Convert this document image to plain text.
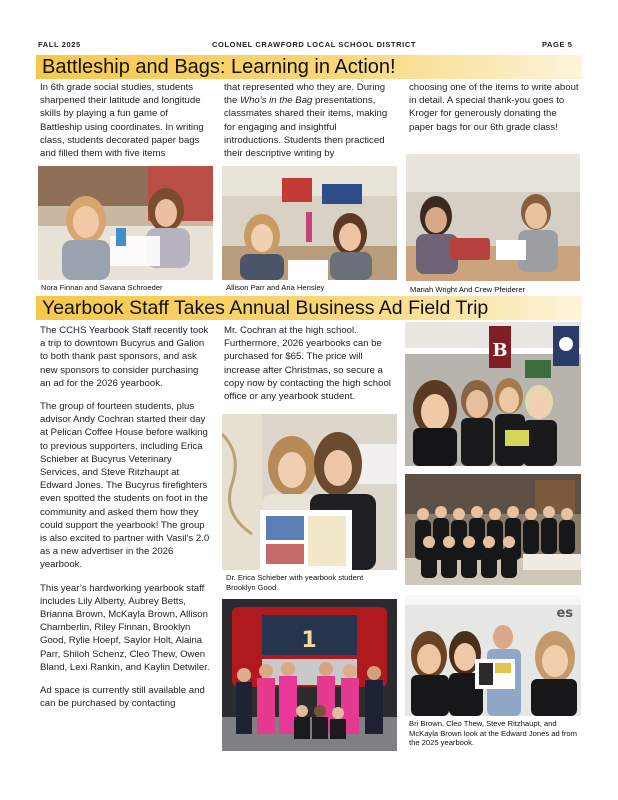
FALL 2025	COLONEL CRAWFORD LOCAL SCHOOL DISTRICT	PAGE 5
Battleship and Bags: Learning in Action!

In 6th grade social studies, students sharpened their latitude and longitude skills by playing a fun game of Battleship using coordinates. In writing class, students decorated paper bags and filled them with five items

that represented who they are. During the Who’s in the Bag presentations, classmates shared their items, making for engaging and insightful introductions. Students then practiced their descriptive writing by

choosing one of the items to write about in detail. A special thank-you goes to Kroger for generously donating the paper bags for our 6th grade class!

Nora Finnan and Savana Schroeder	Allison Parr and Aria Hensley	Mariah Wright And Crew Pfeiderer
Yearbook Staff Takes Annual Business Ad Field Trip

The CCHS Yearbook Staff recently took a trip to downtown Bucyrus and Galion to both thank past sponsors, and ask new sponsors to consider purchasing an ad for the 2026 yearbook.

The group of fourteen students, plus advisor Andy Cochran started their day at Pelican Coffee House before walking to previous supporters, including Erica Schieber at Bucyrus Veterinary Services, and Steve Ritzhaupt at Edward Jones. The Bucyrus firefighters even spotted the students on foot in the community and asked them how they could support the yearbook! The group is also excited to partner with Vasil’s 2.0 as a new advertiser in the 2026 yearbook.

This year’s hardworking yearbook staff includes Lily Alberty, Aubrey Betts, Brianna Brown, McKayla Brown, Allison Chamberlin, Riley Finnan, Brooklyn Good, Rylie Hoepf, Saylor Holt, Alaina Parr, Shiloh Schenz, Cleo Thew, Owen Bland, Lexi Rankin, and Kaylin Detwiler.

Ad space is currently still available and can be purchased by contacting

Mr. Cochran at the high school. Furthermore, 2026 yearbooks can be purchased for $65. The price will increase after Christmas, so secure a copy now by contacting the high school office or any yearbook student.

Dr. Erica Schieber with yearbook student Brooklyn Good.
1
B
es
Bri Brown, Cleo Thew, Steve Ritzhaupt, and McKayla Brown look at the Edward Jones ad from the 2025 yearbook.
